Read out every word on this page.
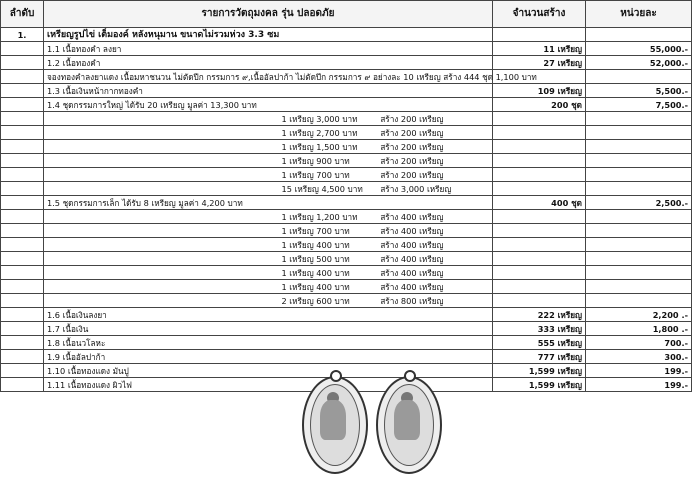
ลำดับ	รายการวัตถุมงคล รุ่น ปลอดภัย	จำนวนสร้าง	หน่วยละ
1.	เหรียญรูปไข่ เต็มองค์ หลังหนุมาน ขนาดไม่รวมห่วง 3.3 ซม		
	1.1 เนื้อทองคำ ลงยา	11 เหรียญ	55,000.-
	1.2 เนื้อทองคำ	27 เหรียญ	52,000.-
	จองทองคำลงยาแดง เนื้อมหาชนวน ไม่ตัดปีก กรรมการ ๙,เนื้ออัลปาก้า ไม่ตัดปีก กรรมการ ๙ อย่างละ 10 เหรียญ สร้าง 444 ชุด 1,100 บาท		
	1.3 เนื้อเงินหน้ากากทองคำ	109 เหรียญ	5,500.-
	1.4 ชุดกรรมการใหญ่ ได้รับ 20 เหรียญ มูลค่า 13,300 บาท	200 ชุด	7,500.-

	1 เหรียญ 3,000 บาท สร้าง 200 เหรียญ		

	1 เหรียญ 2,700 บาท สร้าง 200 เหรียญ		

	1 เหรียญ 1,500 บาท สร้าง 200 เหรียญ		

	1 เหรียญ 900 บาท สร้าง 200 เหรียญ		

	1 เหรียญ 700 บาท สร้าง 200 เหรียญ		

	15 เหรียญ 4,500 บาท สร้าง 3,000 เหรียญ		

	1.5 ชุดกรรมการเล็ก ได้รับ 8 เหรียญ มูลค่า 4,200 บาท	400 ชุด	2,500.-

	1 เหรียญ 1,200 บาท สร้าง 400 เหรียญ		

	1 เหรียญ 700 บาท สร้าง 400 เหรียญ		

	1 เหรียญ 400 บาท สร้าง 400 เหรียญ		

	1 เหรียญ 500 บาท สร้าง 400 เหรียญ		

	1 เหรียญ 400 บาท สร้าง 400 เหรียญ		

	1 เหรียญ 400 บาท สร้าง 400 เหรียญ		

	2 เหรียญ 600 บาท สร้าง 800 เหรียญ		

	1.6 เนื้อเงินลงยา	222 เหรียญ	2,200 .-
	1.7 เนื้อเงิน	333 เหรียญ	1,800 .-
	1.8 เนื้อนวโลหะ	555 เหรียญ	700.-
	1.9 เนื้ออัลปาก้า	777 เหรียญ	300.-
	1.10 เนื้อทองแดง มันปู	1,599 เหรียญ	199.-
	1.11 เนื้อทองแดง ผิวไฟ	1,599 เหรียญ	199.-
